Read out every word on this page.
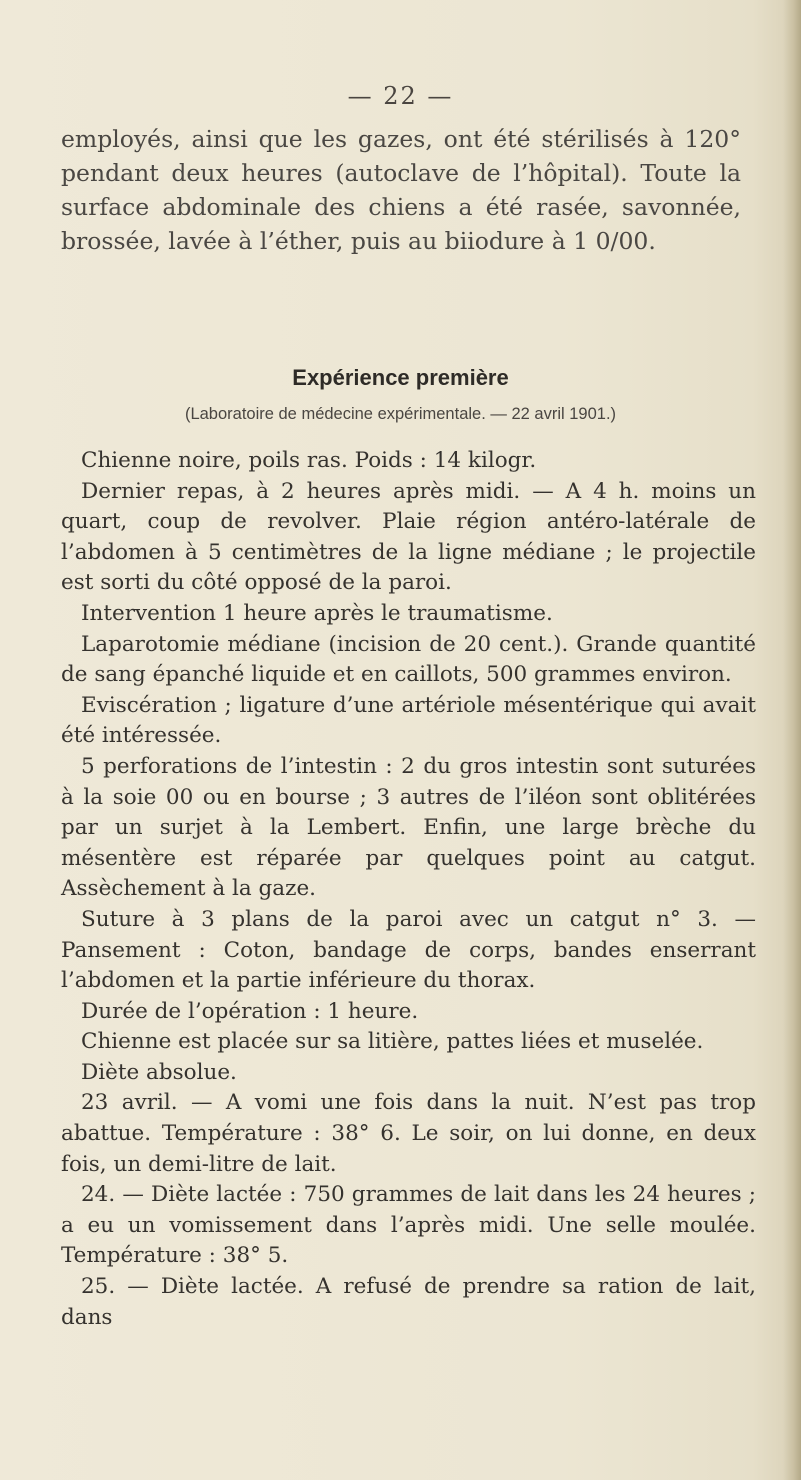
— 22 —
employés, ainsi que les gazes, ont été stérilisés à 120° pendant deux heures (autoclave de l’hôpital). Toute la surface abdominale des chiens a été rasée, savonnée, brossée, lavée à l’éther, puis au biiodure à 1 0/00.
Expérience première
(Laboratoire de médecine expérimentale. — 22 avril 1901.)

Chienne noire, poils ras. Poids : 14 kilogr.

Dernier repas, à 2 heures après midi. — A 4 h. moins un quart, coup de revolver. Plaie région antéro-latérale de l’abdomen à 5 centimètres de la ligne médiane ; le projectile est sorti du côté opposé de la paroi.

Intervention 1 heure après le traumatisme.

Laparotomie médiane (incision de 20 cent.). Grande quantité de sang épanché liquide et en caillots, 500 grammes environ.

Eviscération ; ligature d’une artériole mésentérique qui avait été intéressée.

5 perforations de l’intestin : 2 du gros intestin sont suturées à la soie 00 ou en bourse ; 3 autres de l’iléon sont oblitérées par un surjet à la Lembert. Enfin, une large brèche du mésentère est réparée par quelques point au catgut. Assèchement à la gaze.

Suture à 3 plans de la paroi avec un catgut n° 3. — Pansement : Coton, bandage de corps, bandes enserrant l’abdomen et la partie inférieure du thorax.

Durée de l’opération : 1 heure.

Chienne est placée sur sa litière, pattes liées et muselée.

Diète absolue.

23 avril. — A vomi une fois dans la nuit. N’est pas trop abattue. Température : 38° 6. Le soir, on lui donne, en deux fois, un demi-litre de lait.

24. — Diète lactée : 750 grammes de lait dans les 24 heures ; a eu un vomissement dans l’après midi. Une selle moulée. Température : 38° 5.

25. — Diète lactée. A refusé de prendre sa ration de lait, dans
